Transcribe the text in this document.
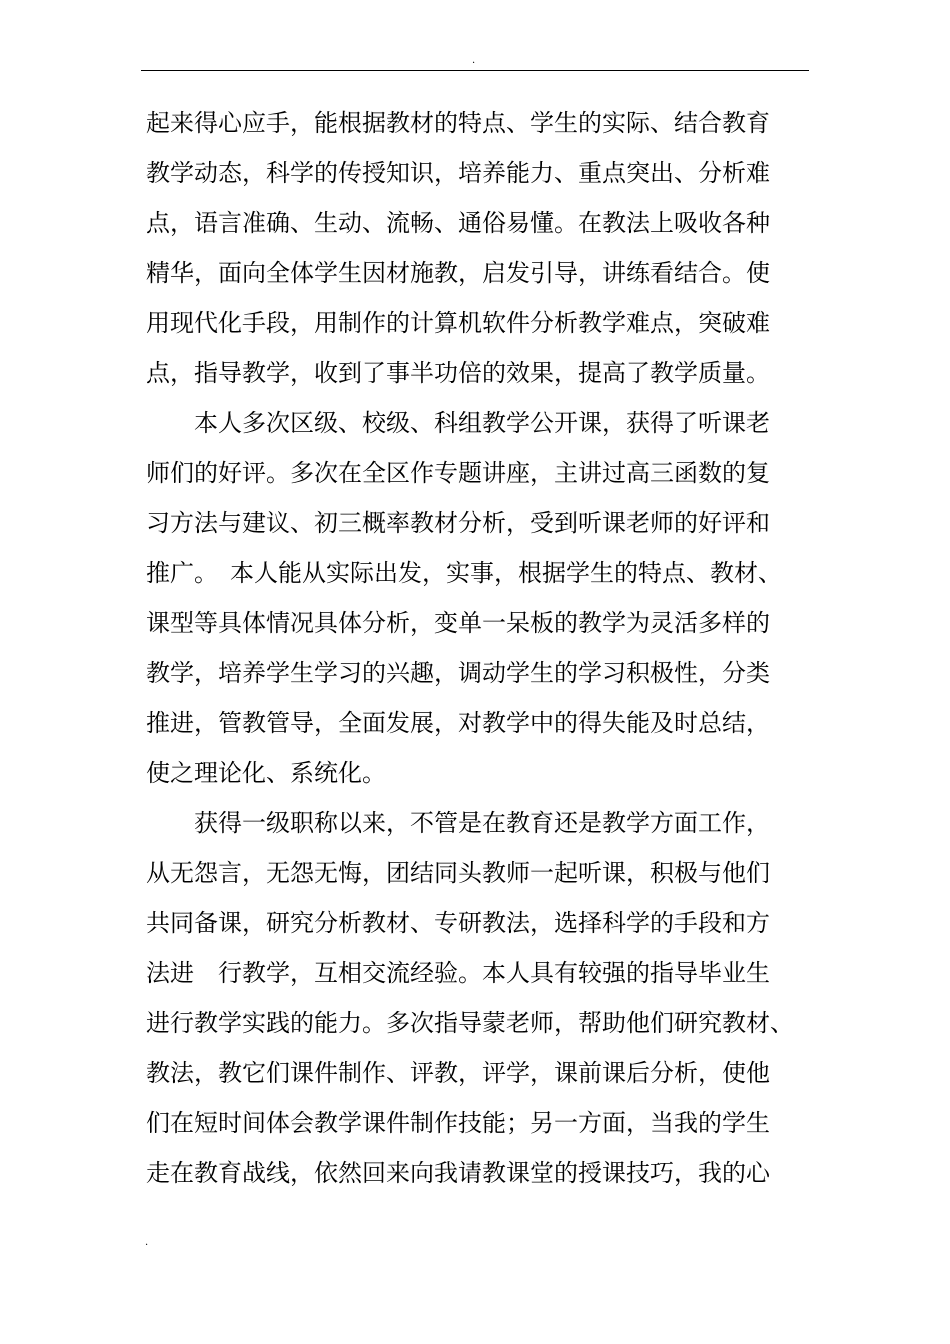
.
起来得心应手，能根据教材的特点、学生的实际、结合教育
教学动态，科学的传授知识，培养能力、重点突出、分析难
点，语言准确、生动、流畅、通俗易懂。在教法上吸收各种
精华，面向全体学生因材施教，启发引导，讲练看结合。使
用现代化手段，用制作的计算机软件分析教学难点，突破难
点，指导教学，收到了事半功倍的效果，提高了教学质量。
　　本人多次区级、校级、科组教学公开课，获得了听课老
师们的好评。多次在全区作专题讲座，主讲过高三函数的复
习方法与建议、初三概率教材分析，受到听课老师的好评和
推广。　本人能从实际出发，实事，根据学生的特点、教材、
课型等具体情况具体分析，变单一呆板的教学为灵活多样的
教学，培养学生学习的兴趣，调动学生的学习积极性，分类
推进，管教管导，全面发展，对教学中的得失能及时总结，
使之理论化、系统化。
　　获得一级职称以来，不管是在教育还是教学方面工作，
从无怨言，无怨无悔，团结同头教师一起听课，积极与他们
共同备课，研究分析教材、专研教法，选择科学的手段和方
法进　行教学，互相交流经验。本人具有较强的指导毕业生
进行教学实践的能力。多次指导蒙老师，帮助他们研究教材、
教法，教它们课件制作、评教，评学，课前课后分析，使他
们在短时间体会教学课件制作技能；另一方面，当我的学生
走在教育战线，依然回来向我请教课堂的授课技巧，我的心
.
